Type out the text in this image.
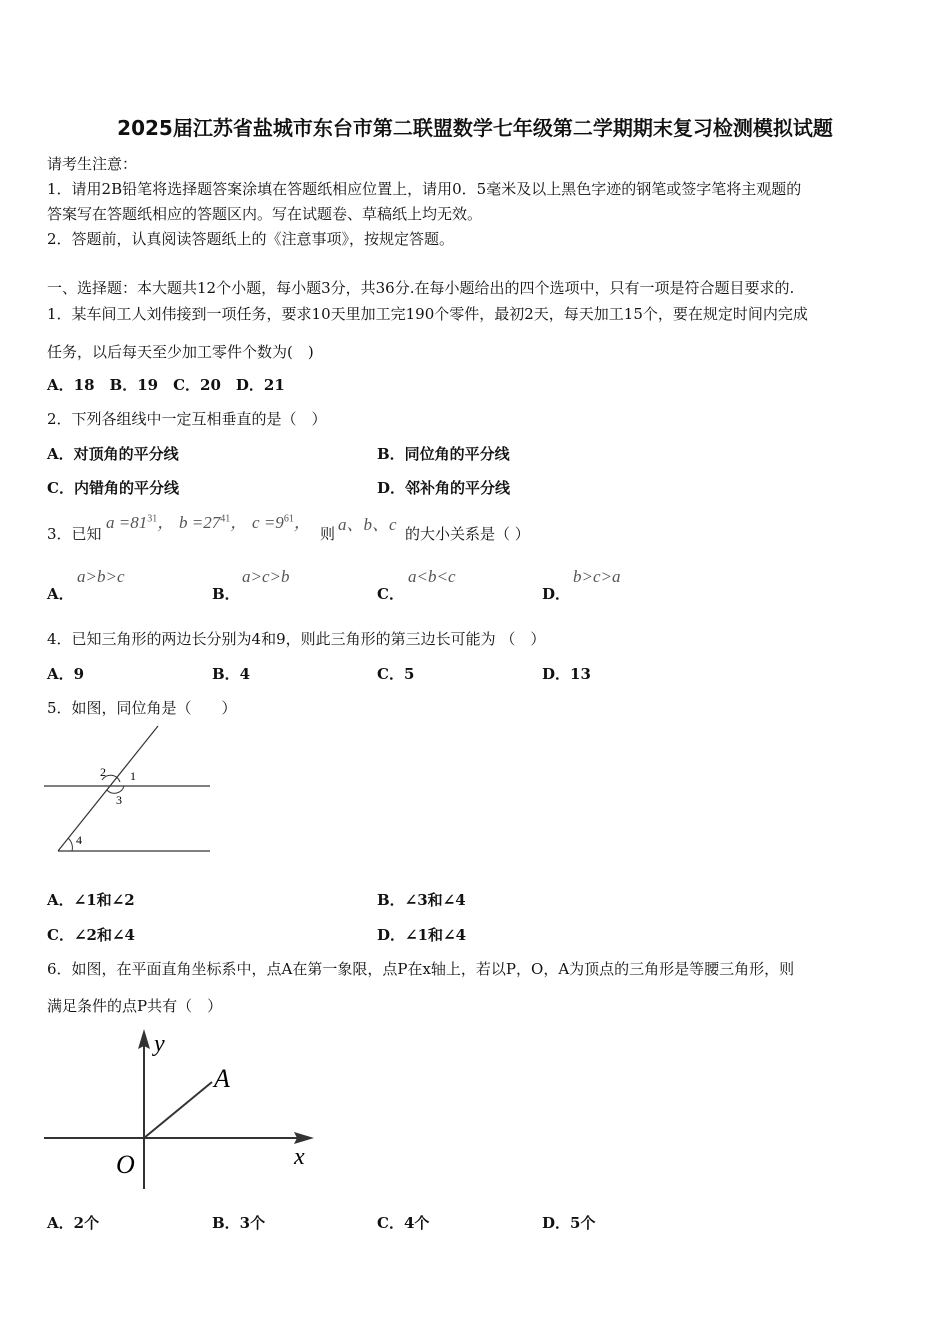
2025届江苏省盐城市东台市第二联盟数学七年级第二学期期末复习检测模拟试题
请考生注意：
1．请用2B铅笔将选择题答案涂填在答题纸相应位置上，请用0．5毫米及以上黑色字迹的钢笔或签字笔将主观题的
答案写在答题纸相应的答题区内。写在试题卷、草稿纸上均无效。
2．答题前，认真阅读答题纸上的《注意事项》，按规定答题。
一、选择题：本大题共12个小题，每小题3分，共36分.在每小题给出的四个选项中，只有一项是符合题目要求的.
1．某车间工人刘伟接到一项任务，要求10天里加工完190个零件，最初2天，每天加工15个，要在规定时间内完成
任务，以后每天至少加工零件个数为(　)
A．18　B．19　C．20　D．21
2．下列各组线中一定互相垂直的是（　）
A．对顶角的平分线	B．同位角的平分线
C．内错角的平分线	D．邻补角的平分线
3．已知
$a =81^{31}$， $b =27^{41}$， $c =9^{61}$，
则 a、b、c 的大小关系是（ ）
A．
a>b>c
B．
a>c>b
C．
a<b<c
D．
b>c>a
4．已知三角形的两边长分别为4和9，则此三角形的第三边长可能为 （　）
A．9	B．4	C．5	D．13
5．如图，同位角是（　　）
1
2
3
4
A．∠1和∠2	B．∠3和∠4
C．∠2和∠4	D．∠1和∠4
6．如图，在平面直角坐标系中，点A在第一象限，点P在x轴上，若以P，O，A为顶点的三角形是等腰三角形，则
满足条件的点P共有（　）
y
x
O
A
A．2个	B．3个	C．4个	D．5个
